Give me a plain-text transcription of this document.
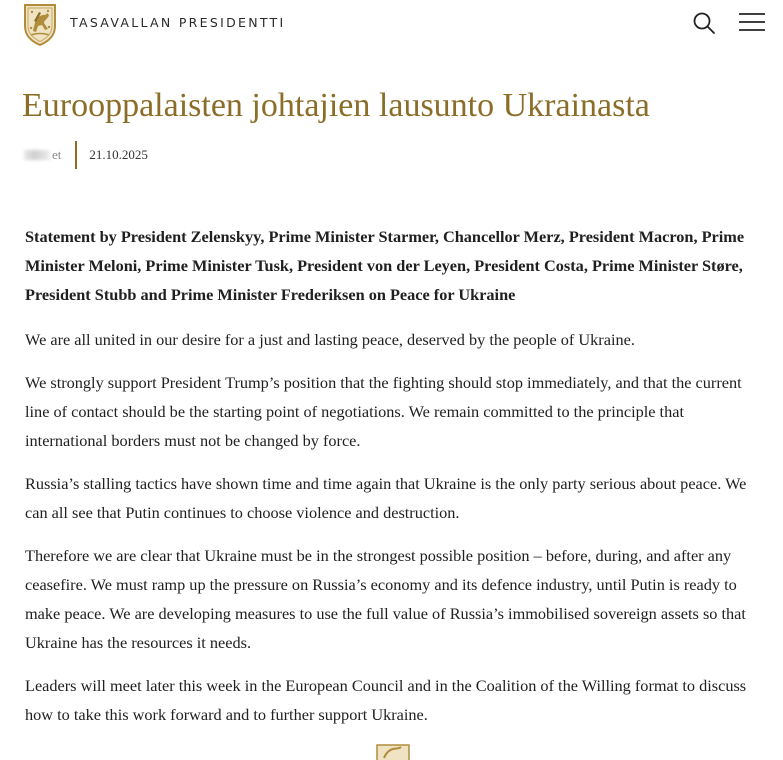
TASAVALLAN PRESIDENTTI
Eurooppalaisten johtajien lausunto Ukrainasta
et 21.10.2025

Statement by President Zelenskyy, Prime Minister Starmer, Chancellor Merz, President Macron, Prime Minister Meloni, Prime Minister Tusk, President von der Leyen, President Costa, Prime Minister Støre, President Stubb and Prime Minister Frederiksen on Peace for Ukraine

We are all united in our desire for a just and lasting peace, deserved by the people of Ukraine.

We strongly support President Trump’s position that the fighting should stop immediately, and that the current line of contact should be the starting point of negotiations. We remain committed to the principle that international borders must not be changed by force.

Russia’s stalling tactics have shown time and time again that Ukraine is the only party serious about peace. We can all see that Putin continues to choose violence and destruction.

Therefore we are clear that Ukraine must be in the strongest possible position – before, during, and after any ceasefire. We must ramp up the pressure on Russia’s economy and its defence industry, until Putin is ready to make peace. We are developing measures to use the full value of Russia’s immobilised sovereign assets so that Ukraine has the resources it needs.

Leaders will meet later this week in the European Council and in the Coalition of the Willing format to discuss how to take this work forward and to further support Ukraine.
